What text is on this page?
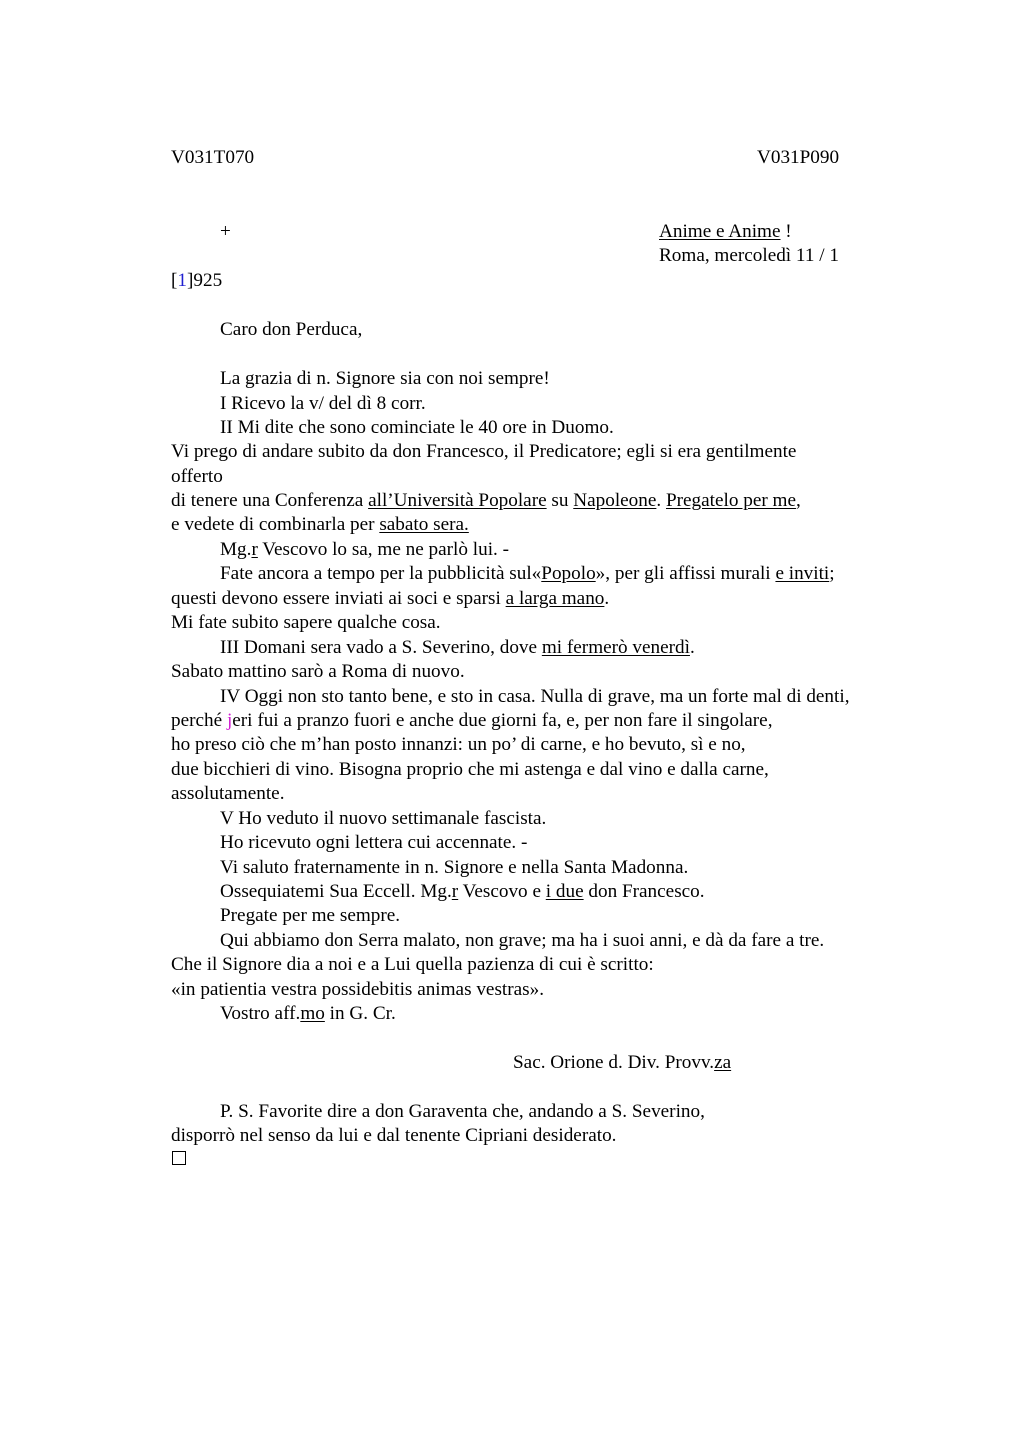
V031T070	V031P090
+	Anime e Anime !
Roma, mercoledì 11 / 1
[1]925
Caro don Perduca,
La grazia di n. Signore sia con noi sempre!
I Ricevo la v/ del dì 8 corr.
II Mi dite che sono cominciate le 40 ore in Duomo.
Vi prego di andare subito da don Francesco, il Predicatore; egli si era gentilmente
offerto
di tenere una Conferenza all’Università Popolare su Napoleone. Pregatelo per me,
e vedete di combinarla per sabato sera.
Mg.r Vescovo lo sa, me ne parlò lui. -
Fate ancora a tempo per la pubblicità sul«Popolo», per gli affissi murali e inviti;
questi devono essere inviati ai soci e sparsi a larga mano.
Mi fate subito sapere qualche cosa.
III Domani sera vado a S. Severino, dove mi fermerò venerdì.
Sabato mattino sarò a Roma di nuovo.
IV Oggi non sto tanto bene, e sto in casa. Nulla di grave, ma un forte mal di denti,
perché jeri fui a pranzo fuori e anche due giorni fa, e, per non fare il singolare,
ho preso ciò che m’han posto innanzi: un po’ di carne, e ho bevuto, sì e no,
due bicchieri di vino. Bisogna proprio che mi astenga e dal vino e dalla carne,
assolutamente.
V Ho veduto il nuovo settimanale fascista.
Ho ricevuto ogni lettera cui accennate. -
Vi saluto fraternamente in n. Signore e nella Santa Madonna.
Ossequiatemi Sua Eccell. Mg.r Vescovo e i due don Francesco.
Pregate per me sempre.
Qui abbiamo don Serra malato, non grave; ma ha i suoi anni, e dà da fare a tre.
Che il Signore dia a noi e a Lui quella pazienza di cui è scritto:
«in patientia vestra possidebitis animas vestras».
Vostro aff.mo in G. Cr.
Sac. Orione d. Div. Provv.za
P. S. Favorite dire a don Garaventa che, andando a S. Severino,
disporrò nel senso da lui e dal tenente Cipriani desiderato.
